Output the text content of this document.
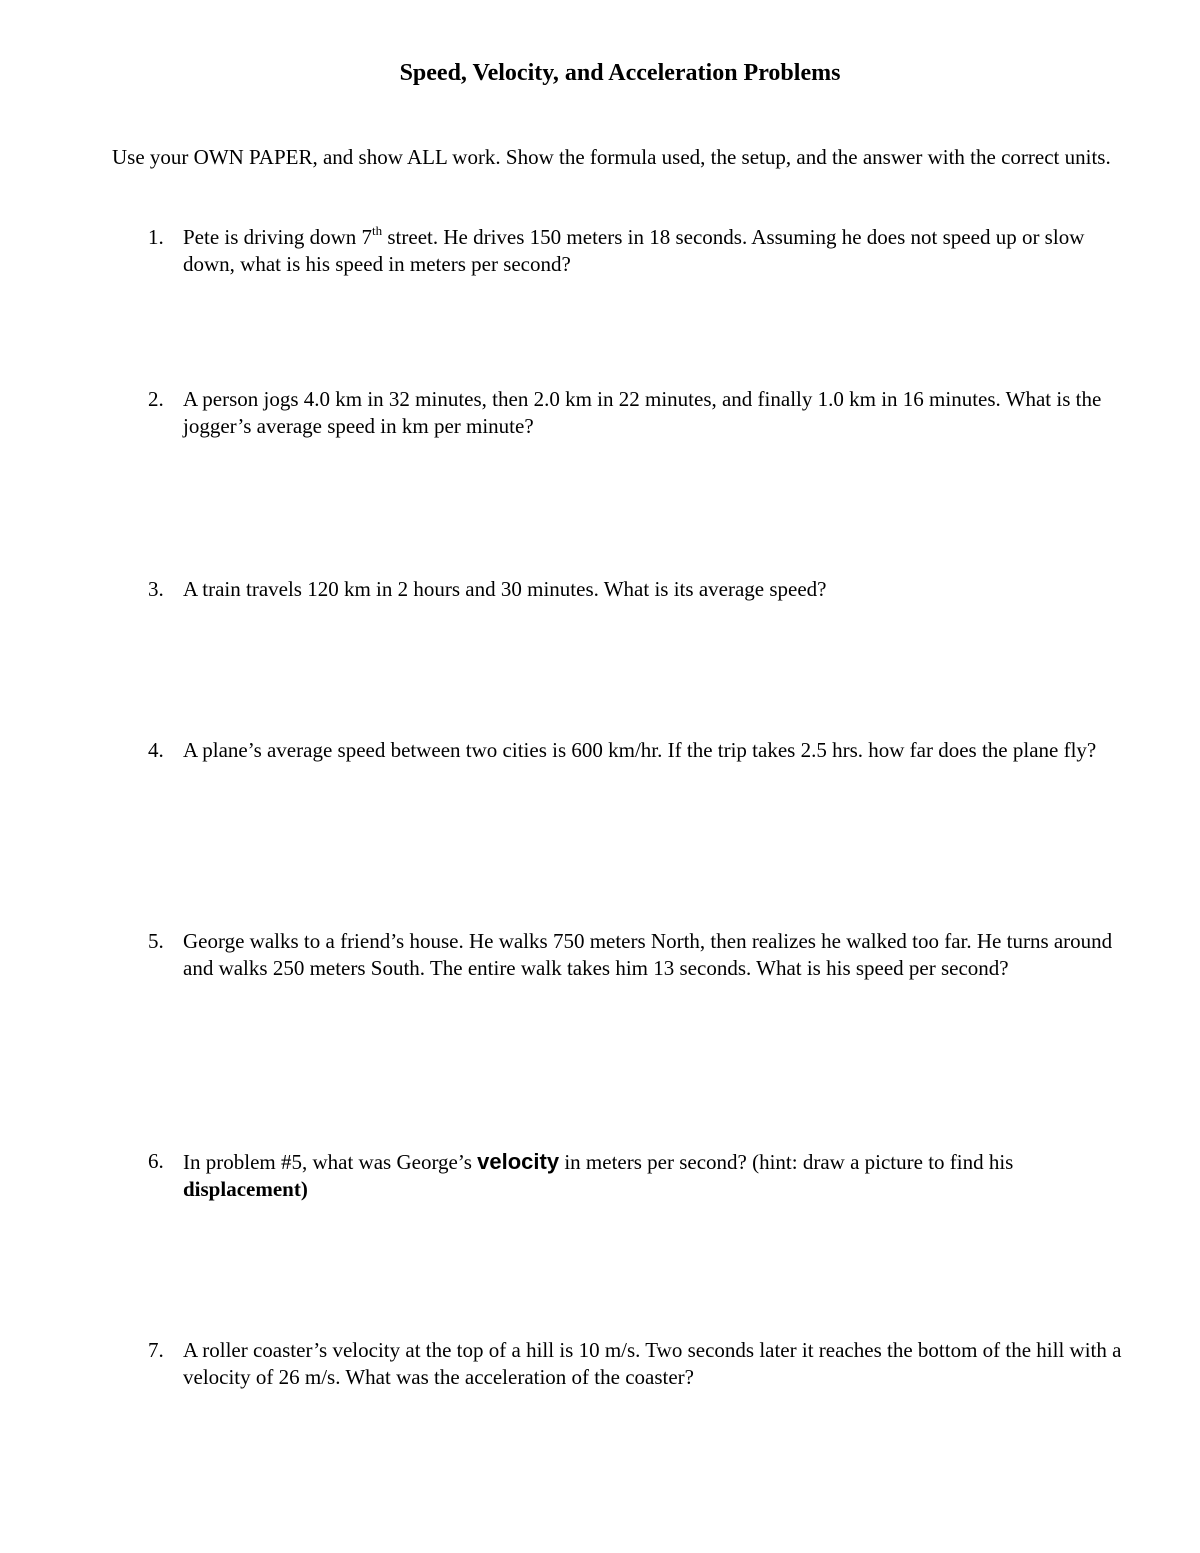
Speed, Velocity, and Acceleration Problems
Use your OWN PAPER, and show ALL work. Show the formula used, the setup, and the answer with the correct units.
1. Pete is driving down 7th street. He drives 150 meters in 18 seconds. Assuming he does not speed up or slow down, what is his speed in meters per second?
2. A person jogs 4.0 km in 32 minutes, then 2.0 km in 22 minutes, and finally 1.0 km in 16 minutes. What is the jogger’s average speed in km per minute?
3. A train travels 120 km in 2 hours and 30 minutes. What is its average speed?
4. A plane’s average speed between two cities is 600 km/hr. If the trip takes 2.5 hrs. how far does the plane fly?
5. George walks to a friend’s house. He walks 750 meters North, then realizes he walked too far. He turns around and walks 250 meters South. The entire walk takes him 13 seconds. What is his speed per second?
6. In problem #5, what was George’s velocity in meters per second? (hint: draw a picture to find his displacement)
7. A roller coaster’s velocity at the top of a hill is 10 m/s. Two seconds later it reaches the bottom of the hill with a velocity of 26 m/s. What was the acceleration of the coaster?
